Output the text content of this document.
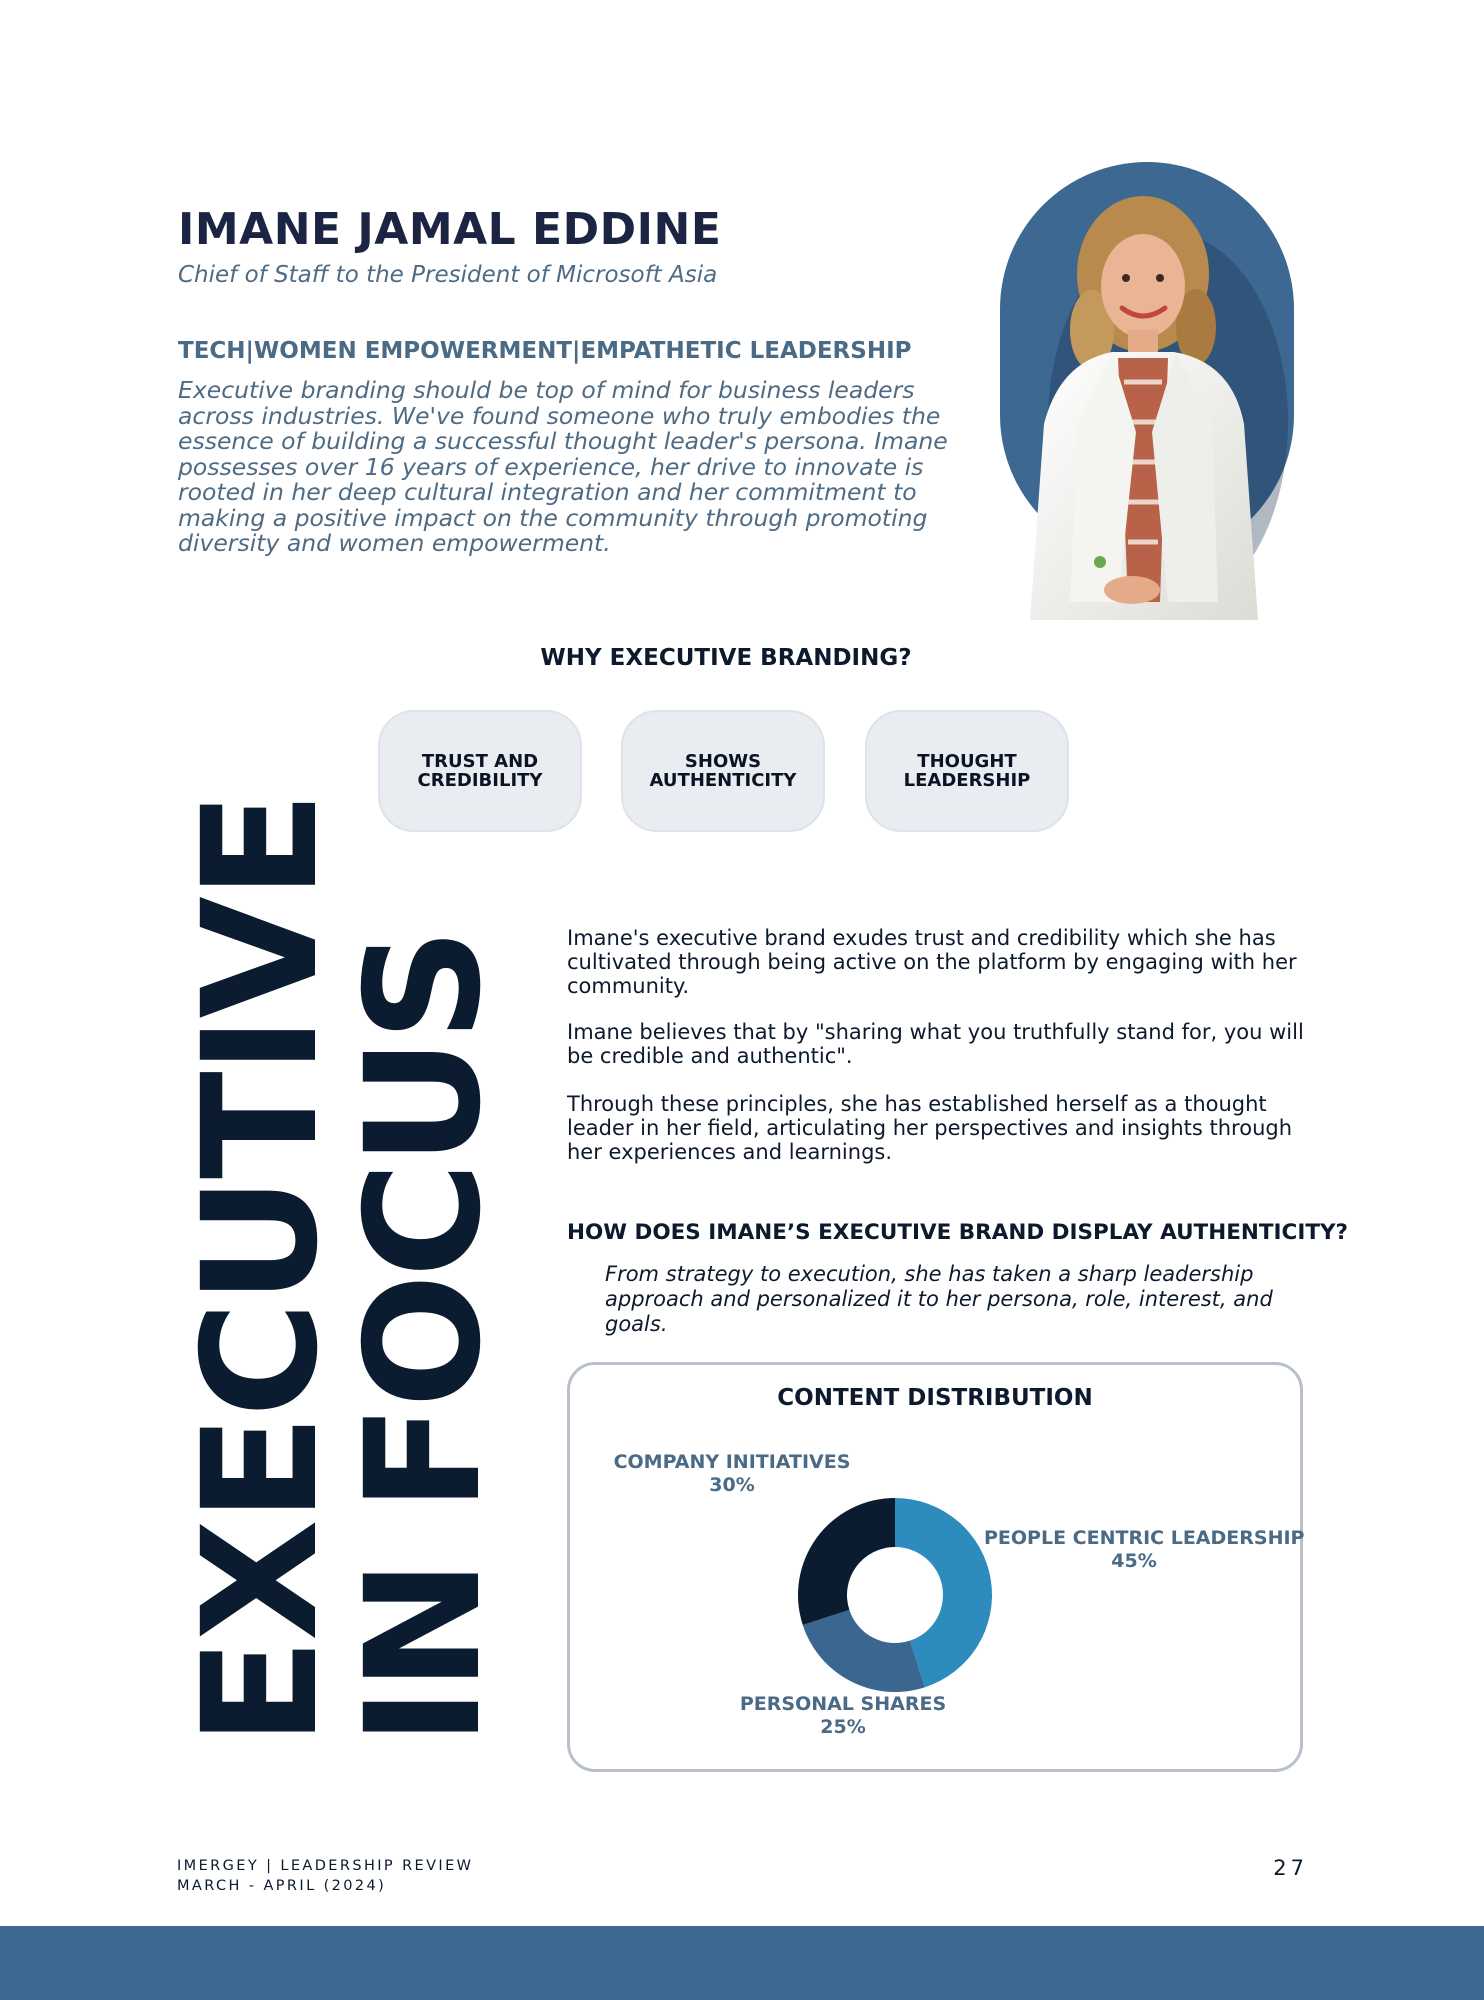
IMANE JAMAL EDDINE
Chief of Staff to the President of Microsoft Asia
TECH|WOMEN EMPOWERMENT|EMPATHETIC LEADERSHIP
Executive branding should be top of mind for business leaders across industries. We've found someone who truly embodies the essence of building a successful thought leader's persona. Imane possesses over 16 years of experience, her drive to innovate is rooted in her deep cultural integration and her commitment to making a positive impact on the community through promoting diversity and women empowerment.
WHY EXECUTIVE BRANDING?
TRUST AND CREDIBILITY
SHOWS AUTHENTICITY
THOUGHT LEADERSHIP
EXECUTIVE
IN FOCUS Imane's executive brand exudes trust and credibility which she has cultivated through being active on the platform by engaging with her community.

Imane believes that by "sharing what you truthfully stand for, you will be credible and authentic".

Through these principles, she has established herself as a thought leader in her field, articulating her perspectives and insights through her experiences and learnings.

HOW DOES IMANE’S EXECUTIVE BRAND DISPLAY AUTHENTICITY?
From strategy to execution, she has taken a sharp leadership approach and personalized it to her persona, role, interest, and goals.
CONTENT DISTRIBUTION
COMPANY INITIATIVES
30%
PEOPLE CENTRIC LEADERSHIP
45%
PERSONAL SHARES
25%
IMERGEY | LEADERSHIP REVIEW
MARCH - APRIL (2024)
27
